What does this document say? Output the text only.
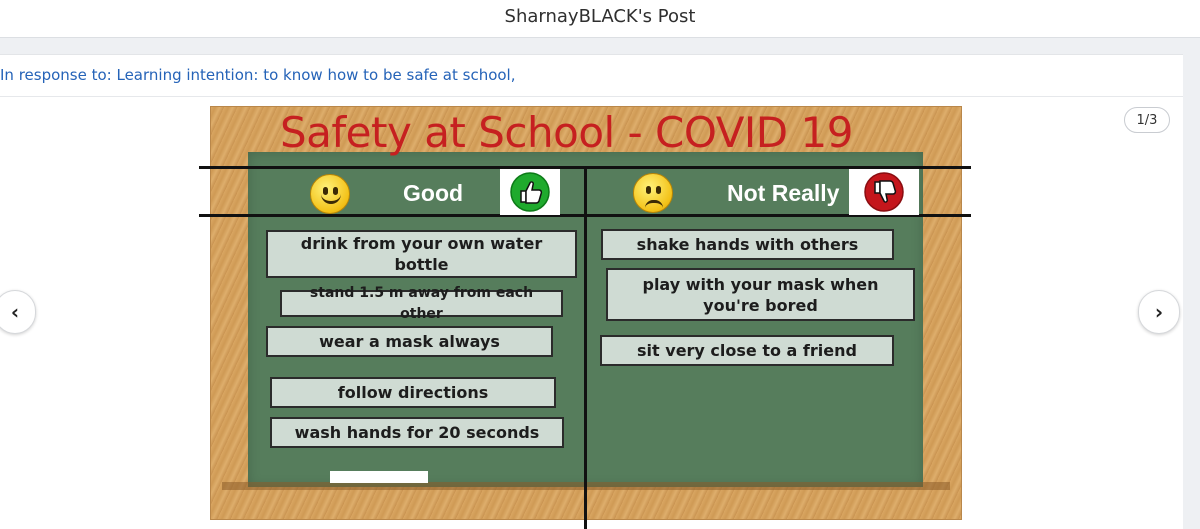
SharnayBLACK's Post
In response to: Learning intention: to know how to be safe at school,
1/3
‹	›
Safety at School - COVID 19
Good	Not Really
drink from your own water bottle
stand 1.5 m away from each other
wear a mask always
follow directions
wash hands for 20 seconds
shake hands with others
play with your mask when you're bored
sit very close to a friend
